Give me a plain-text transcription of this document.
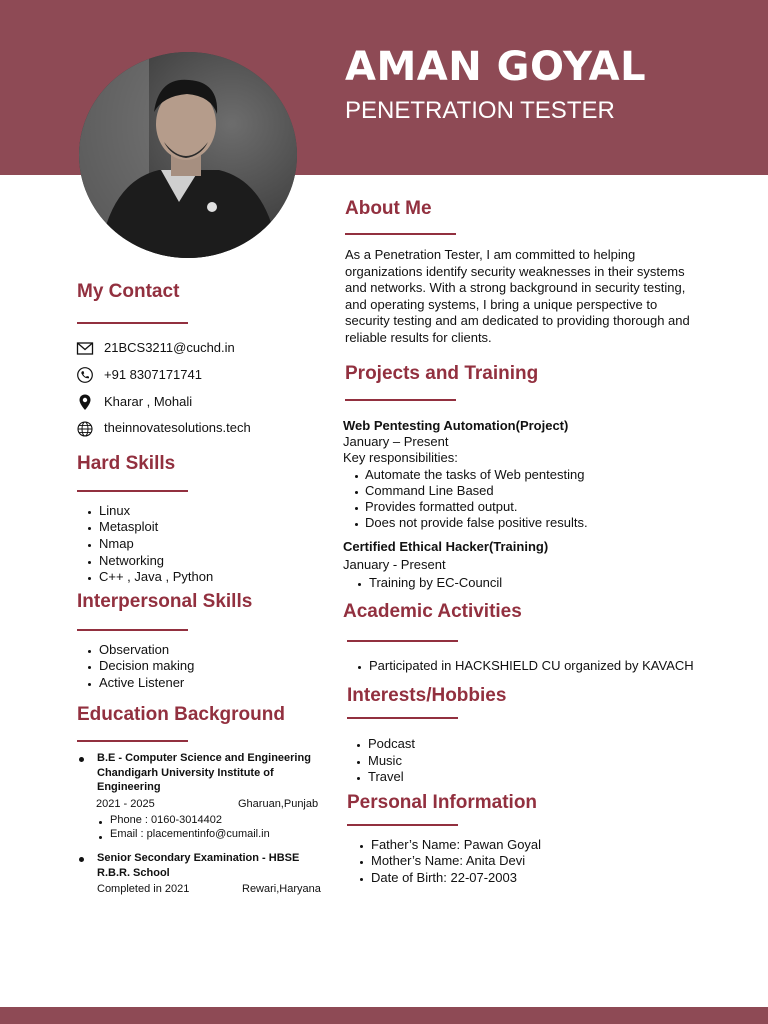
AMAN GOYAL
PENETRATION TESTER
My Contact
21BCS3211@cuchd.in
+91 8307171741
Kharar , Mohali
theinnovatesolutions.tech
Hard Skills
Linux
Metasploit
Nmap
Networking
C++ , Java , Python
Interpersonal Skills
Observation
Decision making
Active Listener
Education Background
B.E - Computer Science and Engineering
Chandigarh University Institute of
Engineering
2021 - 2025	Gharuan,Punjab
Phone : 0160-3014402
Email : placementinfo@cumail.in
Senior Secondary Examination - HBSE
R.B.R. School
Completed in 2021	Rewari,Haryana
About Me
As a Penetration Tester, I am committed to helping organizations identify security weaknesses in their systems and networks. With a strong background in security testing, and operating systems, I bring a unique perspective to security testing and am dedicated to providing thorough and reliable results for clients.
Projects and Training
Web Pentesting Automation(Project)
January – Present
Key responsibilities:
Automate the tasks of Web pentesting
Command Line Based
Provides formatted output.
Does not provide false positive results.
Certified Ethical Hacker(Training)
January - Present
Training by EC-Council
Academic Activities
Participated in HACKSHIELD CU organized by KAVACH
Interests/Hobbies
Podcast
Music
Travel
Personal Information
Father’s Name: Pawan Goyal
Mother’s Name: Anita Devi
Date of Birth: 22-07-2003
